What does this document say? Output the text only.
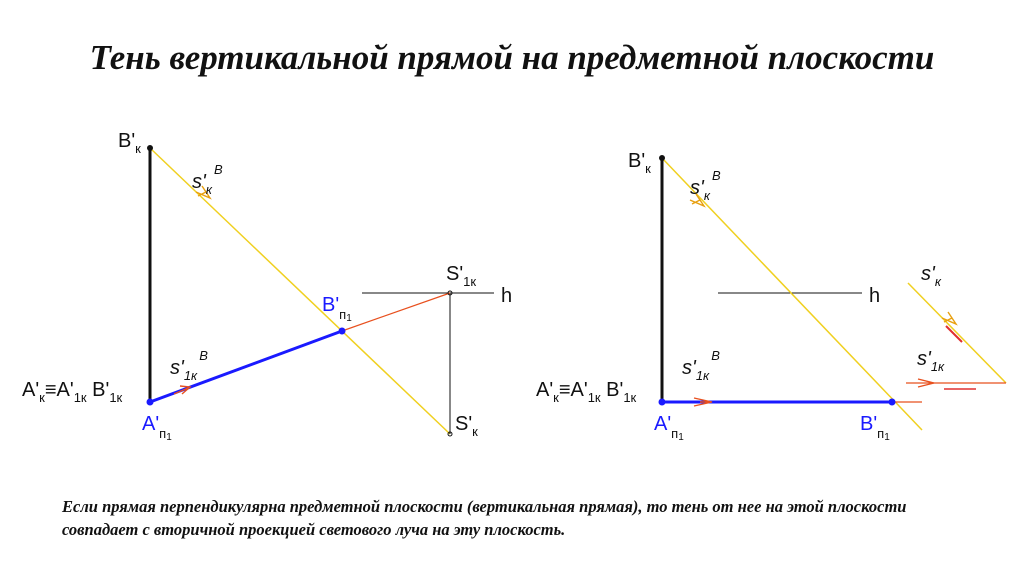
Тень вертикальной прямой на предметной плоскости
$B'_к$
$s'_к^B$
$B'_п1$
$S'_{1к}$
h
$S'_к$
$s'_{1к}^B$
$A'_к\equiv A'_{1к}$ $B'_{1к}$
$A'_п1$
$B'_к$
$s'_к^B$
h
$s'_{1к}^B$
$A'_к\equiv A'_{1к}$ $B'_{1к}$
$A'_п1$
$B'_п1$
$s'_к$
$s'_{1к}$
Если прямая перпендикулярна предметной плоскости (вертикальная прямая), то тень от нее на этой плоскости совпадает с вторичной проекцией светового луча на эту плоскость.
